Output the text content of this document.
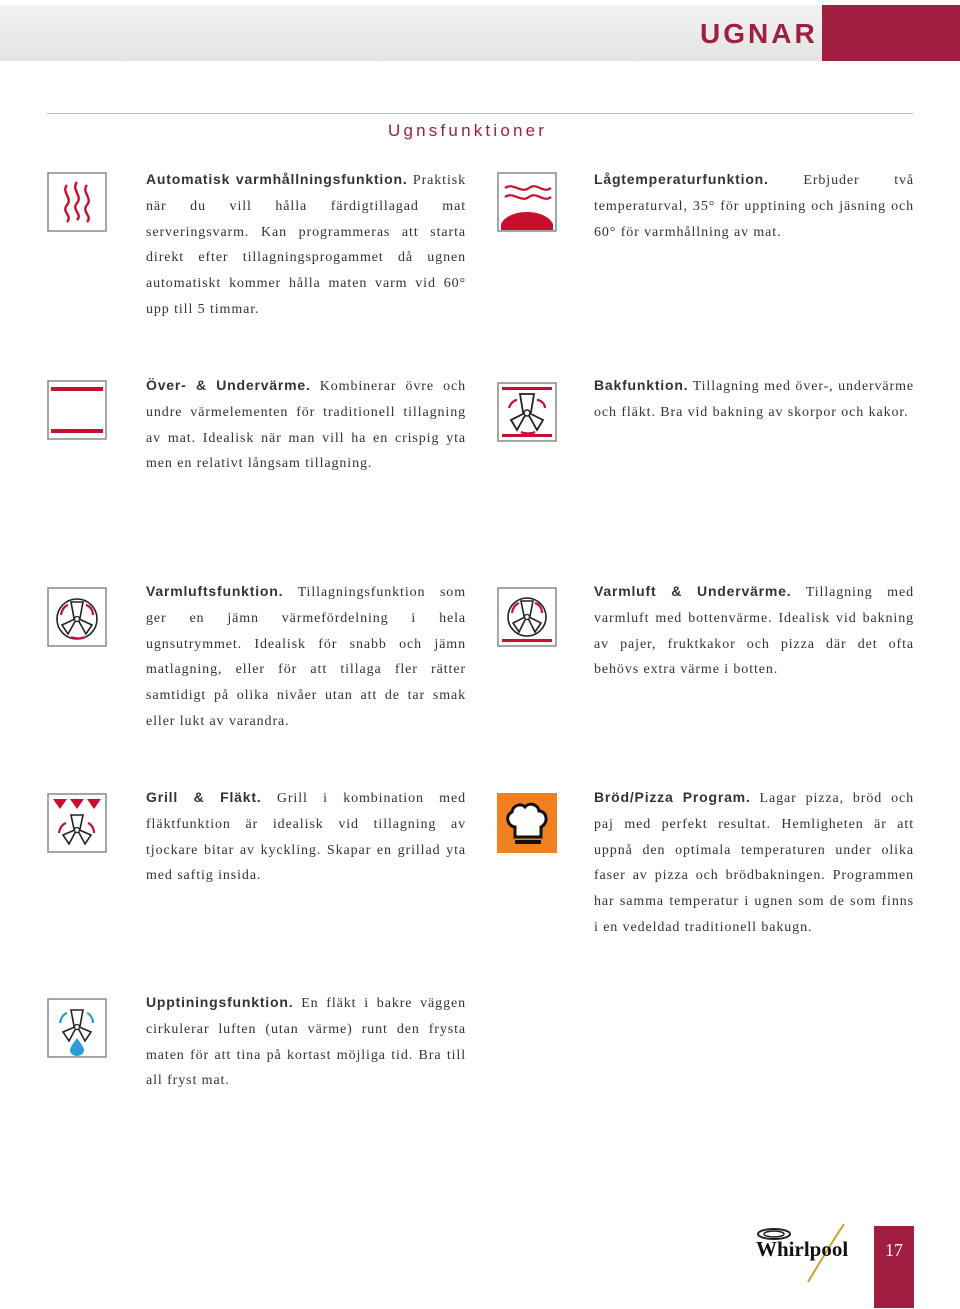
UGNAR
Ugnsfunktioner
Automatisk varmhållningsfunktion. Praktisk när du vill hålla färdigtillagad mat serveringsvarm. Kan programmeras att starta direkt efter tillagningsprogammet då ugnen automatiskt kommer hålla maten varm vid 60° upp till 5 timmar.
Lågtemperaturfunktion. Erbjuder två temperaturval, 35° för upptining och jäsning och 60° för varmhållning av mat.
Över- & Undervärme. Kombinerar övre och undre värmelementen för traditionell tillagning av mat. Idealisk när man vill ha en crispig yta men en relativt långsam tillagning.
Bakfunktion. Tillagning med över-, undervärme och fläkt. Bra vid bakning av skorpor och kakor.
Varmluftsfunktion. Tillagningsfunktion som ger en jämn värmefördelning i hela ugnsutrymmet. Idealisk för snabb och jämn matlagning, eller för att tillaga fler rätter samtidigt på olika nivåer utan att de tar smak eller lukt av varandra.
Varmluft & Undervärme. Tillagning med varmluft med bottenvärme. Idealisk vid bakning av pajer, fruktkakor och pizza där det ofta behövs extra värme i botten.
Grill & Fläkt. Grill i kombination med fläktfunktion är idealisk vid tillagning av tjockare bitar av kyckling. Skapar en grillad yta med saftig insida.
Bröd/Pizza Program. Lagar pizza, bröd och paj med perfekt resultat. Hemligheten är att uppnå den optimala temperaturen under olika faser av pizza och brödbakningen. Programmen har samma temperatur i ugnen som de som finns i en vedeldad traditionell bakugn.
Upptiningsfunktion. En fläkt i bakre väggen cirkulerar luften (utan värme) runt den frysta maten för att tina på kortast möjliga tid. Bra till all fryst mat.
Whirlpool	17
